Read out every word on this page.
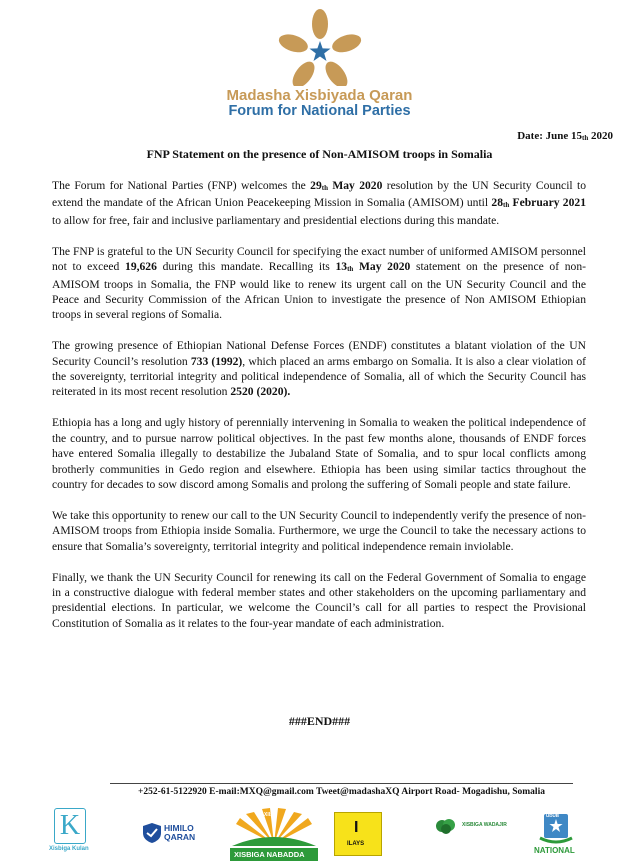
Madasha Xisbiyada Qaran
Forum for National Parties
Date: June 15th 2020
FNP Statement on the presence of Non-AMISOM troops in Somalia

The Forum for National Parties (FNP) welcomes the 29th May 2020 resolution by the UN Security Council to extend the mandate of the African Union Peacekeeping Mission in Somalia (AMISOM) until 28th February 2021 to allow for free, fair and inclusive parliamentary and presidential elections during this mandate.

The FNP is grateful to the UN Security Council for specifying the exact number of uniformed AMISOM personnel not to exceed 19,626 during this mandate. Recalling its 13th May 2020 statement on the presence of non-AMISOM troops in Somalia, the FNP would like to renew its urgent call on the UN Security Council and the Peace and Security Commission of the African Union to investigate the presence of Non AMISOM Ethiopian troops in several regions of Somalia.

The growing presence of Ethiopian National Defense Forces (ENDF) constitutes a blatant violation of the UN Security Council’s resolution 733 (1992), which placed an arms embargo on Somalia. It is also a clear violation of the sovereignty, territorial integrity and political independence of Somalia, all of which the Security Council has reiterated in its most recent resolution 2520 (2020).

Ethiopia has a long and ugly history of perennially intervening in Somalia to weaken the political independence of the country, and to pursue narrow political objectives. In the past few months alone, thousands of ENDF forces have entered Somalia illegally to destabilize the Jubaland State of Somalia, and to spur local conflicts among brotherly communities in Gedo region and elsewhere. Ethiopia has been using similar tactics throughout the country for decades to sow discord among Somalis and prolong the suffering of Somali people and state failure.

We take this opportunity to renew our call to the UN Security Council to independently verify the presence of non-AMISOM troops from Ethiopia inside Somalia. Furthermore, we urge the Council to take the necessary actions to ensure that Somalia’s sovereignty, territorial integrity and political independence remain inviolable.

Finally, we thank the UN Security Council for renewing its call on the Federal Government of Somalia to engage in a constructive dialogue with federal member states and other stakeholders on the upcoming parliamentary and presidential elections. In particular, we welcome the Council’s call for all parties to respect the Provisional Constitution of Somalia as it relates to the four-year mandate of each administration.

###END###
+252-61-5122920 E-mail:MXQ@gmail.com Tweet@madashaXQ Airport Road- Mogadishu, Somalia
K
Xisbiga Kulan
HIMILO
QARAN
XIISA
XISBIGA NABADDA
I
ILAYS
XISBIGA WADAJIR
UDUB
NATIONAL
